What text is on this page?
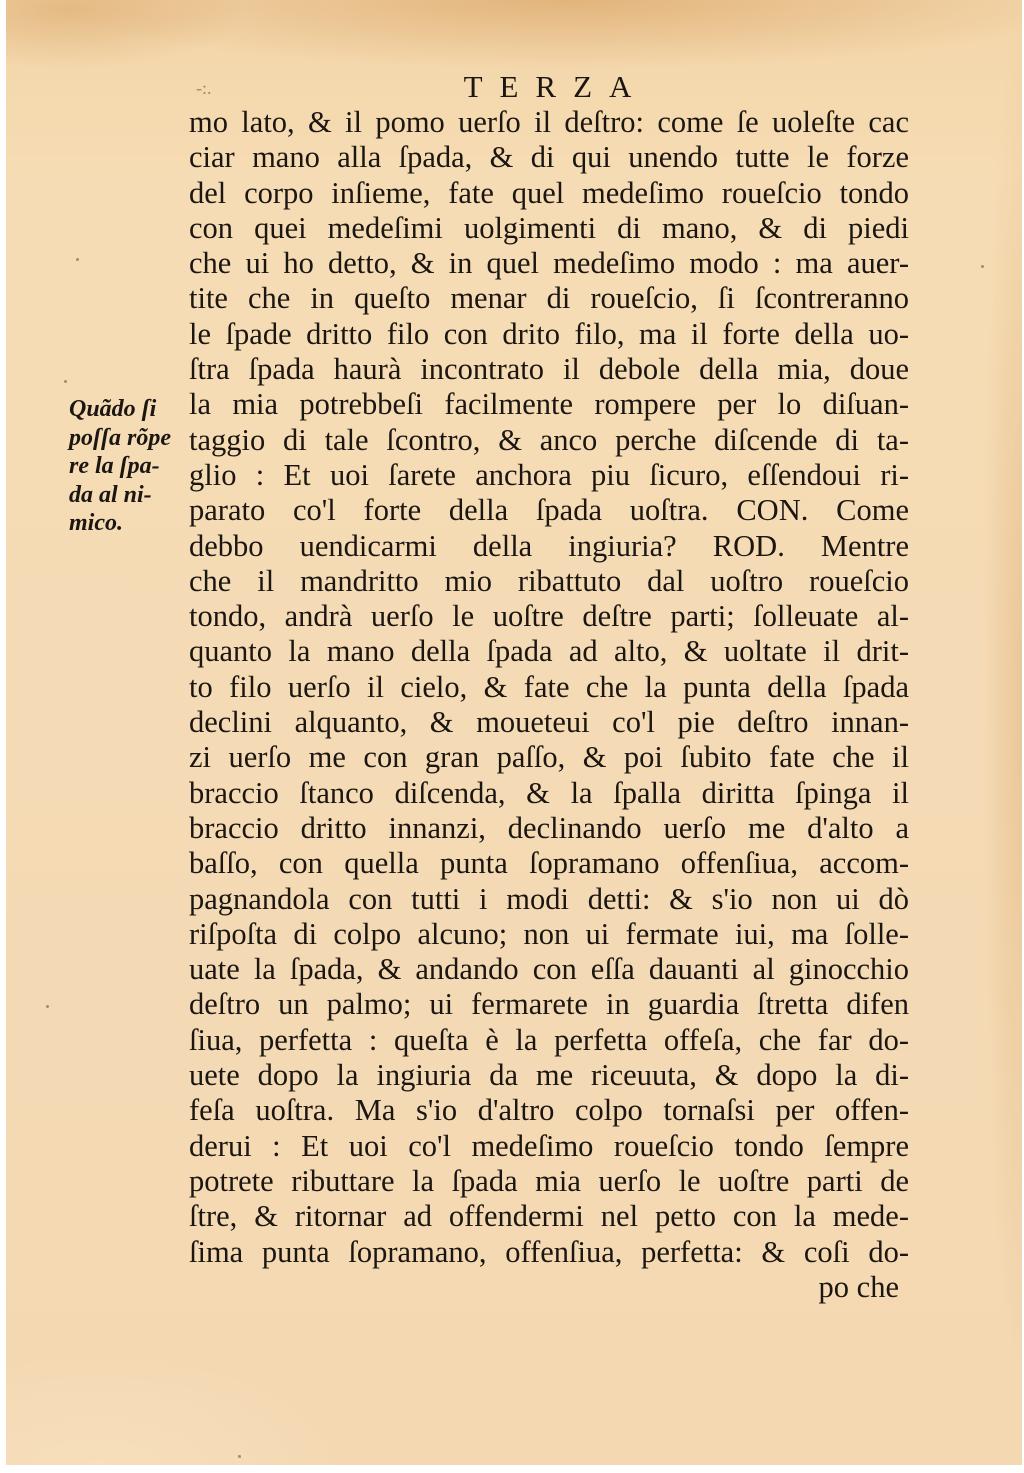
-:.	TERZA
Quãdo ſi
poſſa rõpe
re la ſpa-
da al ni-
mico.
mo lato, & il pomo uerſo il deſtro: come ſe uoleſte cac
ciar mano alla ſpada, & di qui unendo tutte le forze
del corpo inſieme, fate quel medeſimo roueſcio tondo
con quei medeſimi uolgimenti di mano, & di piedi
che ui ho detto, & in quel medeſimo modo : ma auer-
tite che in queſto menar di roueſcio, ſi ſcontreranno
le ſpade dritto filo con drito filo, ma il forte della uo-
ſtra ſpada haurà incontrato il debole della mia, doue
la mia potrebbeſi facilmente rompere per lo diſuan-
taggio di tale ſcontro, & anco perche diſcende di ta-
glio : Et uoi ſarete anchora piu ſicuro, eſſendoui ri-
parato co'l forte della ſpada uoſtra. CON. Come
debbo uendicarmi della ingiuria? ROD. Mentre
che il mandritto mio ribattuto dal uoſtro roueſcio
tondo, andrà uerſo le uoſtre deſtre parti; ſolleuate al-
quanto la mano della ſpada ad alto, & uoltate il drit-
to filo uerſo il cielo, & fate che la punta della ſpada
declini alquanto, & moueteui co'l pie deſtro innan-
zi uerſo me con gran paſſo, & poi ſubito fate che il
braccio ſtanco diſcenda, & la ſpalla diritta ſpinga il
braccio dritto innanzi, declinando uerſo me d'alto a
baſſo, con quella punta ſopramano offenſiua, accom-
pagnandola con tutti i modi detti: & s'io non ui dò
riſpoſta di colpo alcuno; non ui fermate iui, ma ſolle-
uate la ſpada, & andando con eſſa dauanti al ginocchio
deſtro un palmo; ui fermarete in guardia ſtretta difen
ſiua, perfetta : queſta è la perfetta offeſa, che far do-
uete dopo la ingiuria da me riceuuta, & dopo la di-
feſa uoſtra. Ma s'io d'altro colpo tornaſsi per offen-
derui : Et uoi co'l medeſimo roueſcio tondo ſempre
potrete ributtare la ſpada mia uerſo le uoſtre parti de
ſtre, & ritornar ad offendermi nel petto con la mede-
ſima punta ſopramano, offenſiua, perfetta: & coſi do-
po che
